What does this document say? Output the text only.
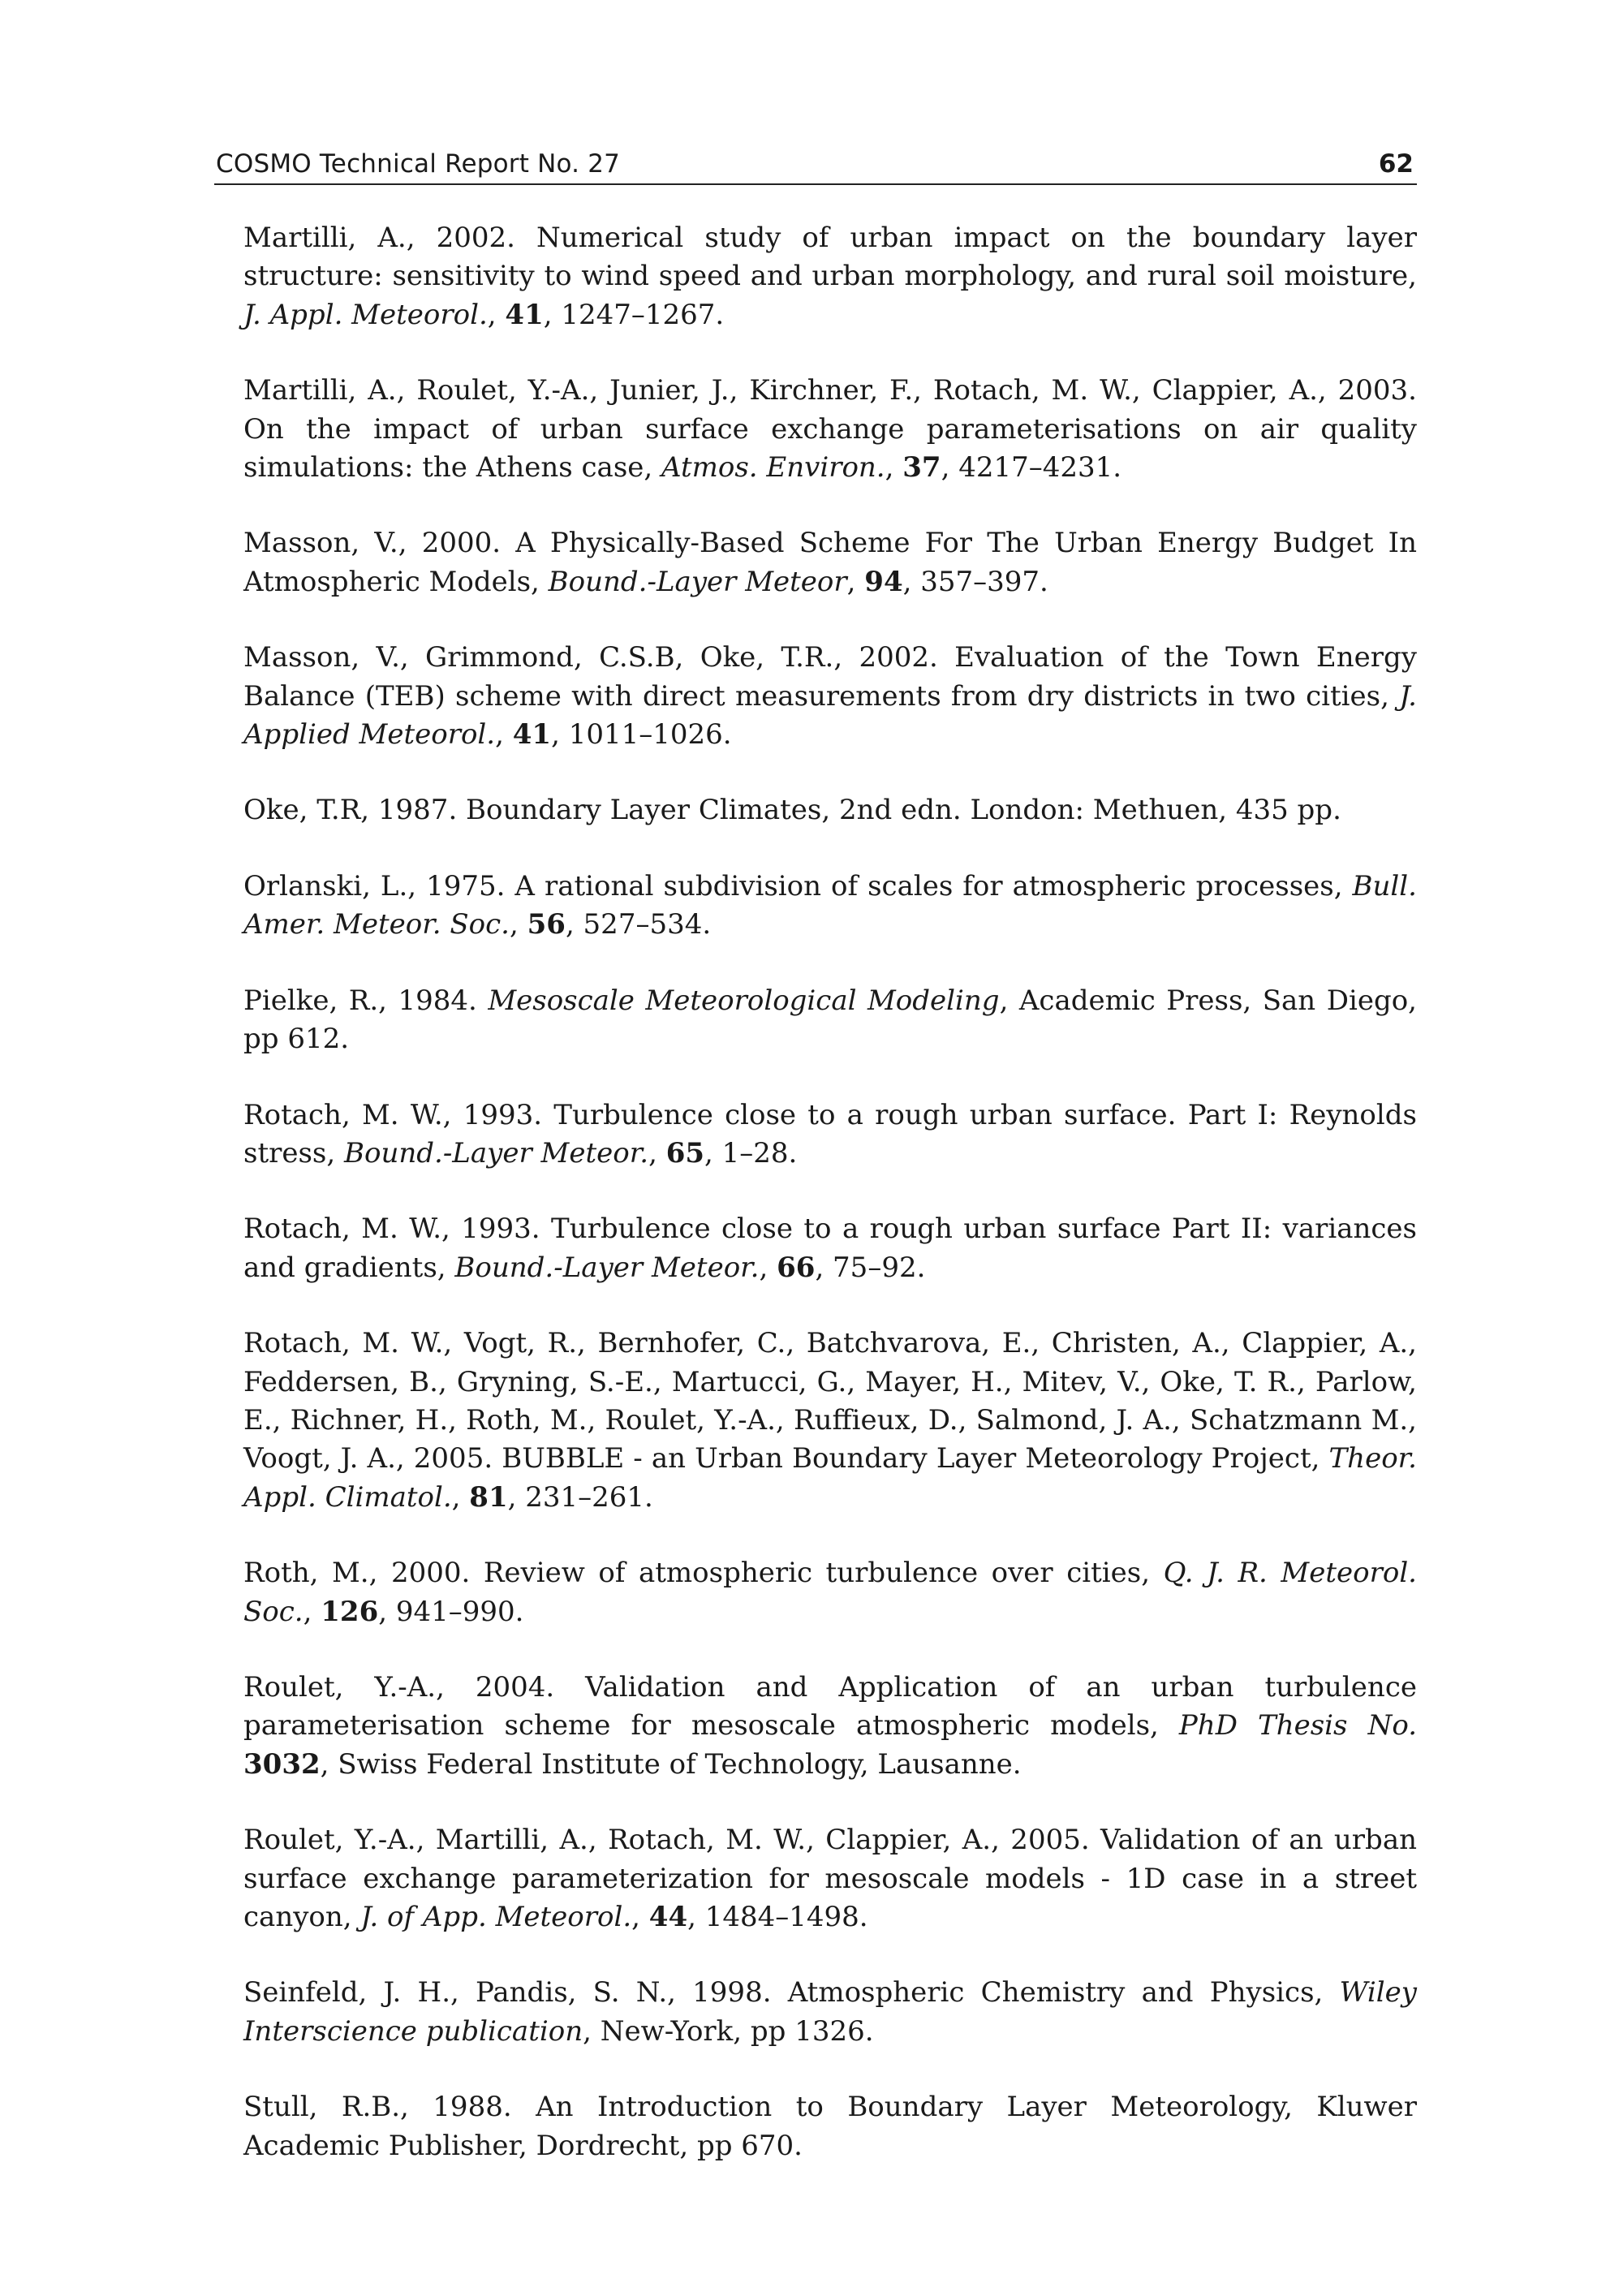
COSMO Technical Report No. 27	62

Martilli, A., 2002. Numerical study of urban impact on the boundary layer structure: sensitivity to wind speed and urban morphology, and rural soil moisture, J. Appl. Meteorol., 41, 1247–1267.

Martilli, A., Roulet, Y.-A., Junier, J., Kirchner, F., Rotach, M. W., Clappier, A., 2003. On the impact of urban surface exchange parameterisations on air quality simulations: the Athens case, Atmos. Environ., 37, 4217–4231.

Masson, V., 2000. A Physically-Based Scheme For The Urban Energy Budget In Atmospheric Models, Bound.-Layer Meteor, 94, 357–397.

Masson, V., Grimmond, C.S.B, Oke, T.R., 2002. Evaluation of the Town Energy Balance (TEB) scheme with direct measurements from dry districts in two cities, J. Applied Meteorol., 41, 1011–1026.

Oke, T.R, 1987. Boundary Layer Climates, 2nd edn. London: Methuen, 435 pp.

Orlanski, L., 1975. A rational subdivision of scales for atmospheric processes, Bull. Amer. Meteor. Soc., 56, 527–534.

Pielke, R., 1984. Mesoscale Meteorological Modeling, Academic Press, San Diego, pp 612.

Rotach, M. W., 1993. Turbulence close to a rough urban surface. Part I: Reynolds stress, Bound.-Layer Meteor., 65, 1–28.

Rotach, M. W., 1993. Turbulence close to a rough urban surface Part II: variances and gradients, Bound.-Layer Meteor., 66, 75–92.

Rotach, M. W., Vogt, R., Bernhofer, C., Batchvarova, E., Christen, A., Clappier, A., Feddersen, B., Gryning, S.-E., Martucci, G., Mayer, H., Mitev, V., Oke, T. R., Parlow, E., Richner, H., Roth, M., Roulet, Y.-A., Ruffieux, D., Salmond, J. A., Schatzmann M., Voogt, J. A., 2005. BUBBLE - an Urban Boundary Layer Meteorology Project, Theor. Appl. Climatol., 81, 231–261.

Roth, M., 2000. Review of atmospheric turbulence over cities, Q. J. R. Meteorol. Soc., 126, 941–990.

Roulet, Y.-A., 2004. Validation and Application of an urban turbulence parameterisation scheme for mesoscale atmospheric models, PhD Thesis No. 3032, Swiss Federal Institute of Technology, Lausanne.

Roulet, Y.-A., Martilli, A., Rotach, M. W., Clappier, A., 2005. Validation of an urban surface exchange parameterization for mesoscale models - 1D case in a street canyon, J. of App. Meteorol., 44, 1484–1498.

Seinfeld, J. H., Pandis, S. N., 1998. Atmospheric Chemistry and Physics, Wiley Interscience publication, New-York, pp 1326.

Stull, R.B., 1988. An Introduction to Boundary Layer Meteorology, Kluwer Academic Publisher, Dordrecht, pp 670.
